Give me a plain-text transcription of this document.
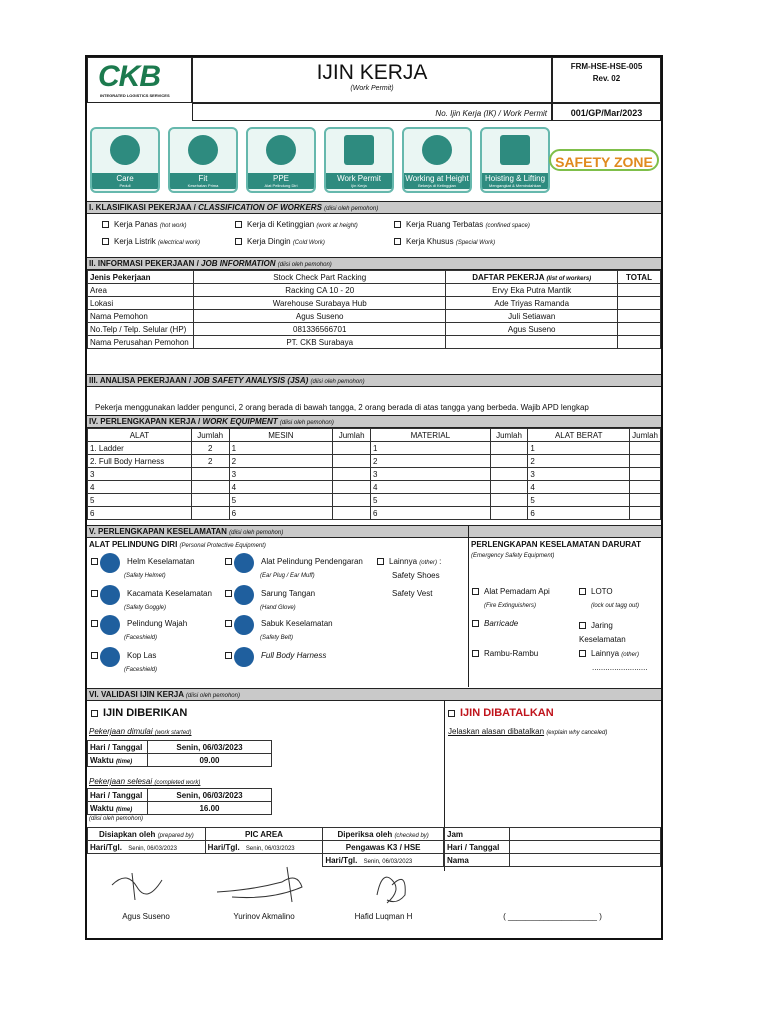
CKB
INTEGRATED LOGISTICS SERVICES
IJIN KERJA
(Work Permit)
FRM-HSE-HSE-005
Rev. 02
No. Ijin Kerja (IK) / Work Permit	001/GP/Mar/2023
Care
Peduli
Fit
Kesehatan Prima
PPE
Alat Pelindung Diri
Work Permit
Ijin Kerja
Working at Height
Bekerja di Ketinggian
Hoisting & Lifting
Mengangkat & Memindahkan
SAFETY ZONE
I. KLASIFIKASI PEKERJAA / CLASSIFICATION OF WORKERS (diisi oleh pemohon)
Kerja Panas (hot work)	Kerja di Ketinggian (work at height)	Kerja Ruang Terbatas (confined space)
Kerja Listrik (electrical work)	Kerja Dingin (Cold Work)	Kerja Khusus (Special Work)
II. INFORMASI PEKERJAAN / JOB INFORMATION (diisi oleh pemohon)
Jenis Pekerjaan	Stock Check Part Racking	DAFTAR PEKERJA (list of workers)	TOTAL
Area	Racking CA 10 - 20	Ervy Eka Putra Mantik	
Lokasi	Warehouse Surabaya Hub	Ade Triyas Ramanda	
Nama Pemohon	Agus Suseno	Juli Setiawan	
No.Telp / Telp. Selular (HP)	081336566701	Agus Suseno	
Nama Perusahan Pemohon	PT. CKB Surabaya		
III. ANALISA PEKERJAAN / JOB SAFETY ANALYSIS (JSA) (diisi oleh pemohon)
Pekerja menggunakan ladder pengunci, 2 orang berada di bawah tangga, 2 orang berada di atas tangga yang berbeda. Wajib APD lengkap
IV. PERLENGKAPAN KERJA / WORK EQUIPMENT (diisi oleh pemohon)
ALAT	Jumlah	MESIN	Jumlah	MATERIAL	Jumlah	ALAT BERAT	Jumlah
1. Ladder	2	1		1		1	
2. Full Body Harness	2	2		2		2	
3		3		3		3	
4		4		4		4	
5		5		5		5	
6		6		6		6	
V. PERLENGKAPAN KESELAMATAN (diisi oleh pemohon)
ALAT PELINDUNG DIRI (Personal Protective Equipment)
Helm Keselamatan
(Safety Helmet)
Alat Pelindung Pendengaran
(Ear Plug / Ear Muff)
Lainnya (other) :
Safety Shoes
Safety Vest
Kacamata Keselamatan
(Safety Goggle)
Sarung Tangan
(Hand Glove)
Pelindung Wajah
(Faceshield)
Sabuk Keselamatan
(Safety Belt)
Kop Las
(Faceshield)
Full Body Harness
PERLENGKAPAN KESELAMATAN DARURAT
(Emergency Safety Equipment)
Alat Pemadam Api
(Fire Extinguishers)
LOTO
(lock out tagg out)
Barricade	Jaring Keselamatan
Rambu-Rambu	Lainnya (other)
.........................
VI. VALIDASI IJIN KERJA (diisi oleh pemohon)
IJIN DIBERIKAN	IJIN DIBATALKAN
Jelaskan alasan dibatalkan (explain why canceled)
Pekerjaan dimulai (work started)
Hari / Tanggal	Senin, 06/03/2023
Waktu (time)	09.00
Pekerjaan selesai (completed work)
Hari / Tanggal	Senin, 06/03/2023
Waktu (time)	16.00
(diisi oleh pemohon)
Disiapkan oleh (prepared by)	PIC AREA	Diperiksa oleh (checked by)
Hari/Tgl. Senin, 06/03/2023	Hari/Tgl. Senin, 06/03/2023	Pengawas K3 / HSE
		Hari/Tgl. Senin, 06/03/2023
Jam	
Hari / Tanggal	
Nama	
Agus Suseno	Yurinov Akmalino	Hafid Luqman H	( ____________________ )
